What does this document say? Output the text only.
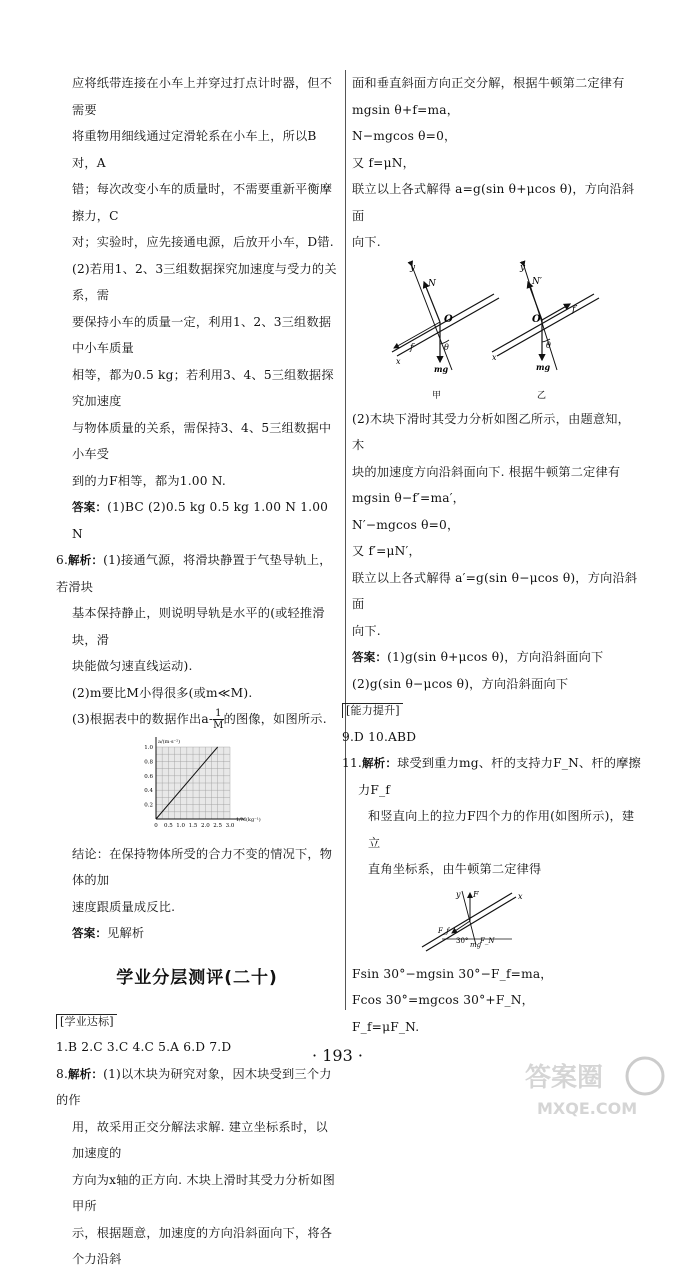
应将纸带连接在小车上并穿过打点计时器，但不需要

将重物用细线通过定滑轮系在小车上，所以B对，A

错；每次改变小车的质量时，不需要重新平衡摩擦力，C

对；实验时，应先接通电源，后放开小车，D错.

(2)若用1、2、3三组数据探究加速度与受力的关系，需

要保持小车的质量一定，利用1、2、3三组数据中小车质量

相等，都为0.5 kg；若利用3、4、5三组数据探究加速度

与物体质量的关系，需保持3、4、5三组数据中小车受

到的力F相等，都为1.00 N.

答案：(1)BC (2)0.5 kg 0.5 kg 1.00 N 1.00 N

6.解析：(1)接通气源，将滑块静置于气垫导轨上，若滑块

基本保持静止，则说明导轨是水平的(或轻推滑块，滑

块能做匀速直线运动).

(2)m要比M小得很多(或m≪M).

(3)根据表中的数据作出$a- \frac{1}{M}$ 的图像，如图所示.

0.2
0.4
0.6
0.8
1.0
0 0.5 1.0 1.5 2.0 2.5 3.0
a/(m·s⁻²)
1/M(kg⁻¹)

结论：在保持物体所受的合力不变的情况下，物体的加

速度跟质量成反比.

答案：见解析

学业分层测评(二十)

[学业达标]

1.B 2.C 3.C 4.C 5.A 6.D 7.D

8.解析：(1)以木块为研究对象，因木块受到三个力的作

用，故采用正交分解法求解. 建立坐标系时，以加速度的

方向为x轴的正方向. 木块上滑时其受力分析如图甲所

示，根据题意，加速度的方向沿斜面向下，将各个力沿斜

面和垂直斜面方向正交分解，根据牛顿第二定律有

mgsin θ+f=ma，

N−mgcos θ=0，

又 f=μN，

联立以上各式解得 a=g(sin θ+μcos θ)，方向沿斜面

向下.

y
N
O
f	θ
mg
x
甲
y
N′
O
f′
θ
mg
x
乙

(2)木块下滑时其受力分析如图乙所示，由题意知，木

块的加速度方向沿斜面向下. 根据牛顿第二定律有

mgsin θ−f′=ma′，

N′−mgcos θ=0，

又 f′=μN′，

联立以上各式解得 a′=g(sin θ−μcos θ)，方向沿斜面

向下.

答案：(1)g(sin θ+μcos θ)，方向沿斜面向下

(2)g(sin θ−μcos θ)，方向沿斜面向下

[能力提升]

9.D 10.ABD

11.解析：球受到重力mg、杆的支持力F_N、杆的摩擦力F_f

和竖直向上的拉力F四个力的作用(如图所示)，建立

直角坐标系，由牛顿第二定律得

y F	x
F_f
30° mg
F_N

Fsin 30°−mgsin 30°−F_f=ma，

Fcos 30°=mgcos 30°+F_N，

F_f=μF_N.

· 193 ·
答案圈
MXQE.COM
